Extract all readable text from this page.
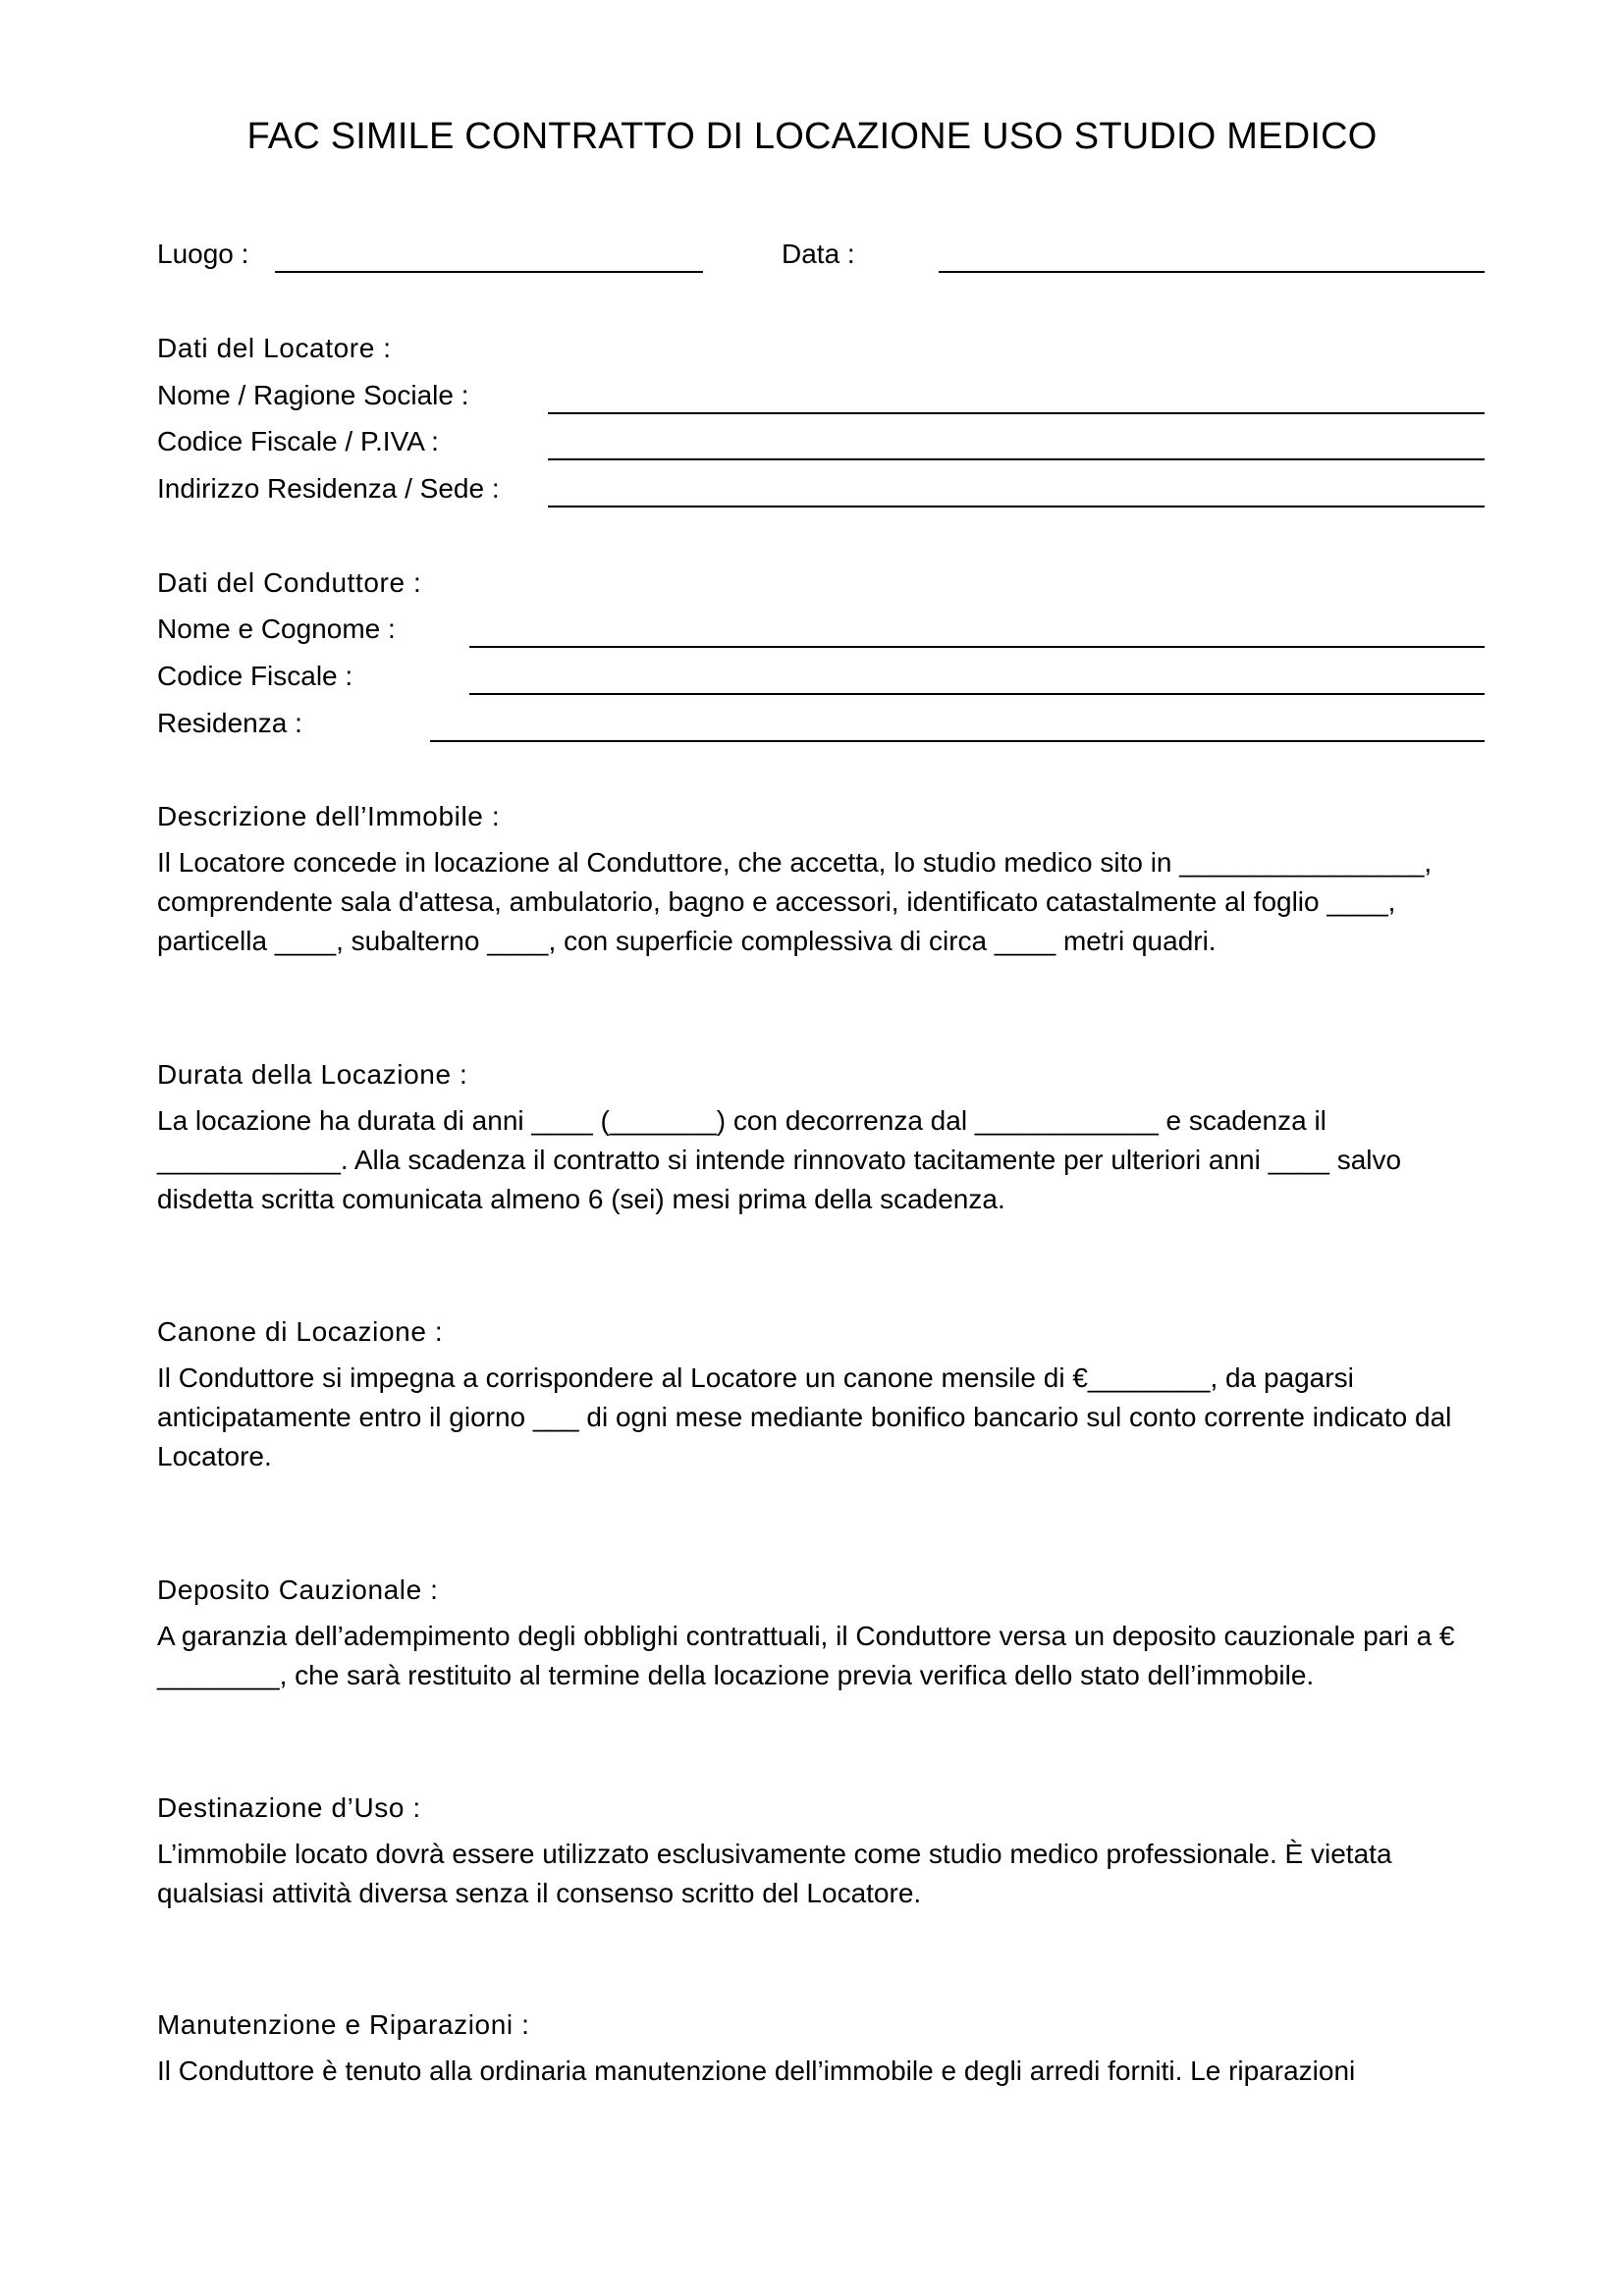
FAC SIMILE CONTRATTO DI LOCAZIONE USO STUDIO MEDICO
Luogo :	Data :
Dati del Locatore :
Nome / Ragione Sociale :
Codice Fiscale / P.IVA :
Indirizzo Residenza / Sede :
Dati del Conduttore :
Nome e Cognome :
Codice Fiscale :
Residenza :
Descrizione dell’Immobile :
Il Locatore concede in locazione al Conduttore, che accetta, lo studio medico sito in ________________,
comprendente sala d'attesa, ambulatorio, bagno e accessori, identificato catastalmente al foglio ____,
particella ____, subalterno ____, con superficie complessiva di circa ____ metri quadri.
Durata della Locazione :
La locazione ha durata di anni ____ (_______) con decorrenza dal ____________ e scadenza il
____________. Alla scadenza il contratto si intende rinnovato tacitamente per ulteriori anni ____ salvo
disdetta scritta comunicata almeno 6 (sei) mesi prima della scadenza.
Canone di Locazione :
Il Conduttore si impegna a corrispondere al Locatore un canone mensile di €________, da pagarsi
anticipatamente entro il giorno ___ di ogni mese mediante bonifico bancario sul conto corrente indicato dal
Locatore.
Deposito Cauzionale :
A garanzia dell’adempimento degli obblighi contrattuali, il Conduttore versa un deposito cauzionale pari a €
________, che sarà restituito al termine della locazione previa verifica dello stato dell’immobile.
Destinazione d’Uso :
L’immobile locato dovrà essere utilizzato esclusivamente come studio medico professionale. È vietata
qualsiasi attività diversa senza il consenso scritto del Locatore.
Manutenzione e Riparazioni :
Il Conduttore è tenuto alla ordinaria manutenzione dell’immobile e degli arredi forniti. Le riparazioni
